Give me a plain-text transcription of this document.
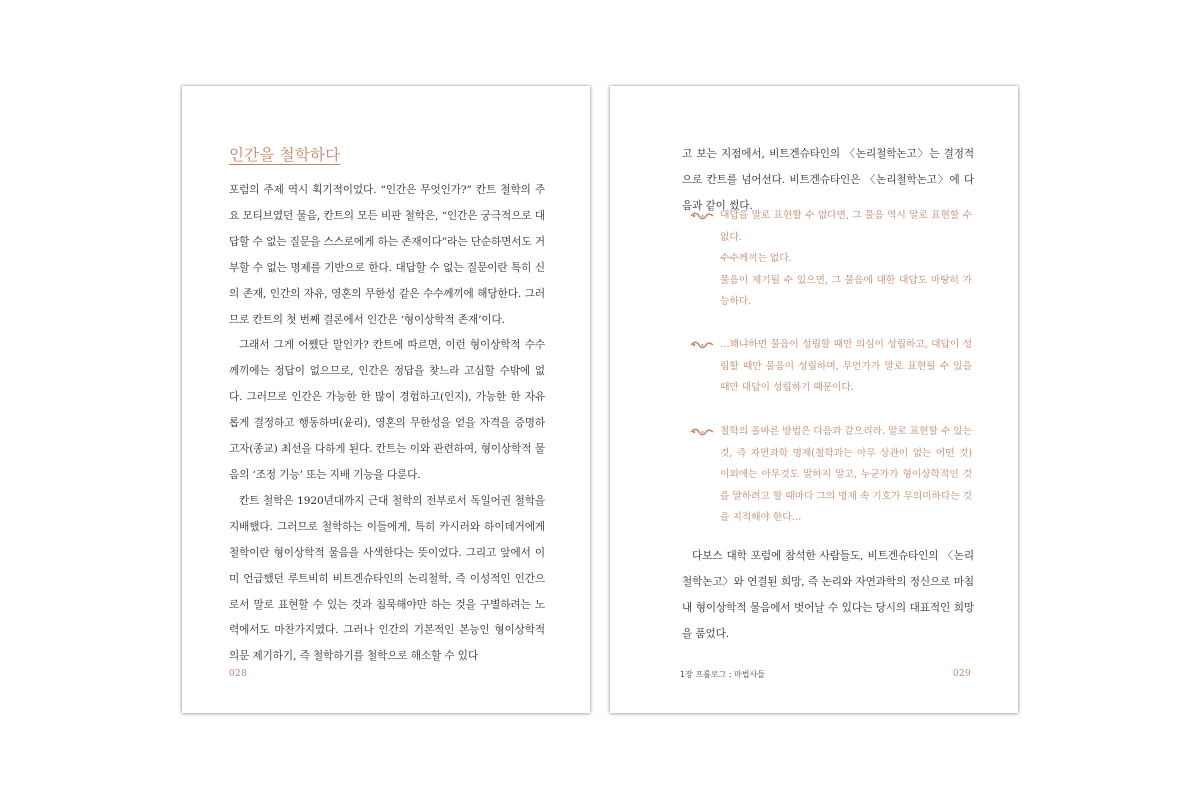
인간을 철학하다

포럼의 주제 역시 획기적이었다. “인간은 무엇인가?” 칸트 철학의 주요 모티브였던 물음, 칸트의 모든 비판 철학은, “인간은 궁극적으로 대답할 수 없는 질문을 스스로에게 하는 존재이다”라는 단순하면서도 거부할 수 없는 명제를 기반으로 한다. 대답할 수 없는 질문이란 특히 신의 존재, 인간의 자유, 영혼의 무한성 같은 수수께끼에 해당한다. 그러므로 칸트의 첫 번째 결론에서 인간은 ‘형이상학적 존재’이다.

그래서 그게 어쨌단 말인가? 칸트에 따르면, 이런 형이상학적 수수께끼에는 정답이 없으므로, 인간은 정답을 찾느라 고심할 수밖에 없다. 그러므로 인간은 가능한 한 많이 경험하고(인지), 가능한 한 자유롭게 결정하고 행동하며(윤리), 영혼의 무한성을 얻을 자격을 증명하고자(종교) 최선을 다하게 된다. 칸트는 이와 관련하여, 형이상학적 물음의 ‘조정 기능’ 또는 지배 기능을 다룬다.

칸트 철학은 1920년대까지 근대 철학의 전부로서 독일어권 철학을 지배했다. 그러므로 철학하는 이들에게, 특히 카시러와 하이데거에게 철학이란 형이상학적 물음을 사색한다는 뜻이었다. 그리고 앞에서 이미 언급했던 루트비히 비트겐슈타인의 논리철학, 즉 이성적인 인간으로서 말로 표현할 수 있는 것과 침묵해야만 하는 것을 구별하려는 노력에서도 마찬가지였다. 그러나 인간의 기본적인 본능인 형이상학적 의문 제기하기, 즉 철학하기를 철학으로 해소할 수 있다

028

고 보는 지점에서, 비트겐슈타인의 〈논리철학논고〉는 결정적으로 칸트를 넘어선다. 비트겐슈타인은 〈논리철학논고〉에 다음과 같이 썼다.

대답을 말로 표현할 수 없다면, 그 물음 역시 말로 표현할 수 없다.

수수께끼는 없다.

물음이 제기될 수 있으면, 그 물음에 대한 대답도 마땅히 가능하다.

…왜냐하면 물음이 성립할 때만 의심이 성립하고, 대답이 성립할 때만 물음이 성립하며, 무언가가 말로 표현될 수 있을 때만 대답이 성립하기 때문이다.

철학의 올바른 방법은 다음과 같으리라. 말로 표현할 수 있는 것, 즉 자연과학 명제(철학과는 아무 상관이 없는 어떤 것) 이외에는 아무것도 말하지 말고, 누군가가 형이상학적인 것을 말하려고 할 때마다 그의 명제 속 기호가 무의미하다는 것을 지적해야 한다…

다보스 대학 포럼에 참석한 사람들도, 비트겐슈타인의 〈논리철학논고〉와 연결된 희망, 즉 논리와 자연과학의 정신으로 마침내 형이상학적 물음에서 벗어날 수 있다는 당시의 대표적인 희망을 품었다.

1장 프롤로그 : 마법사들	029
